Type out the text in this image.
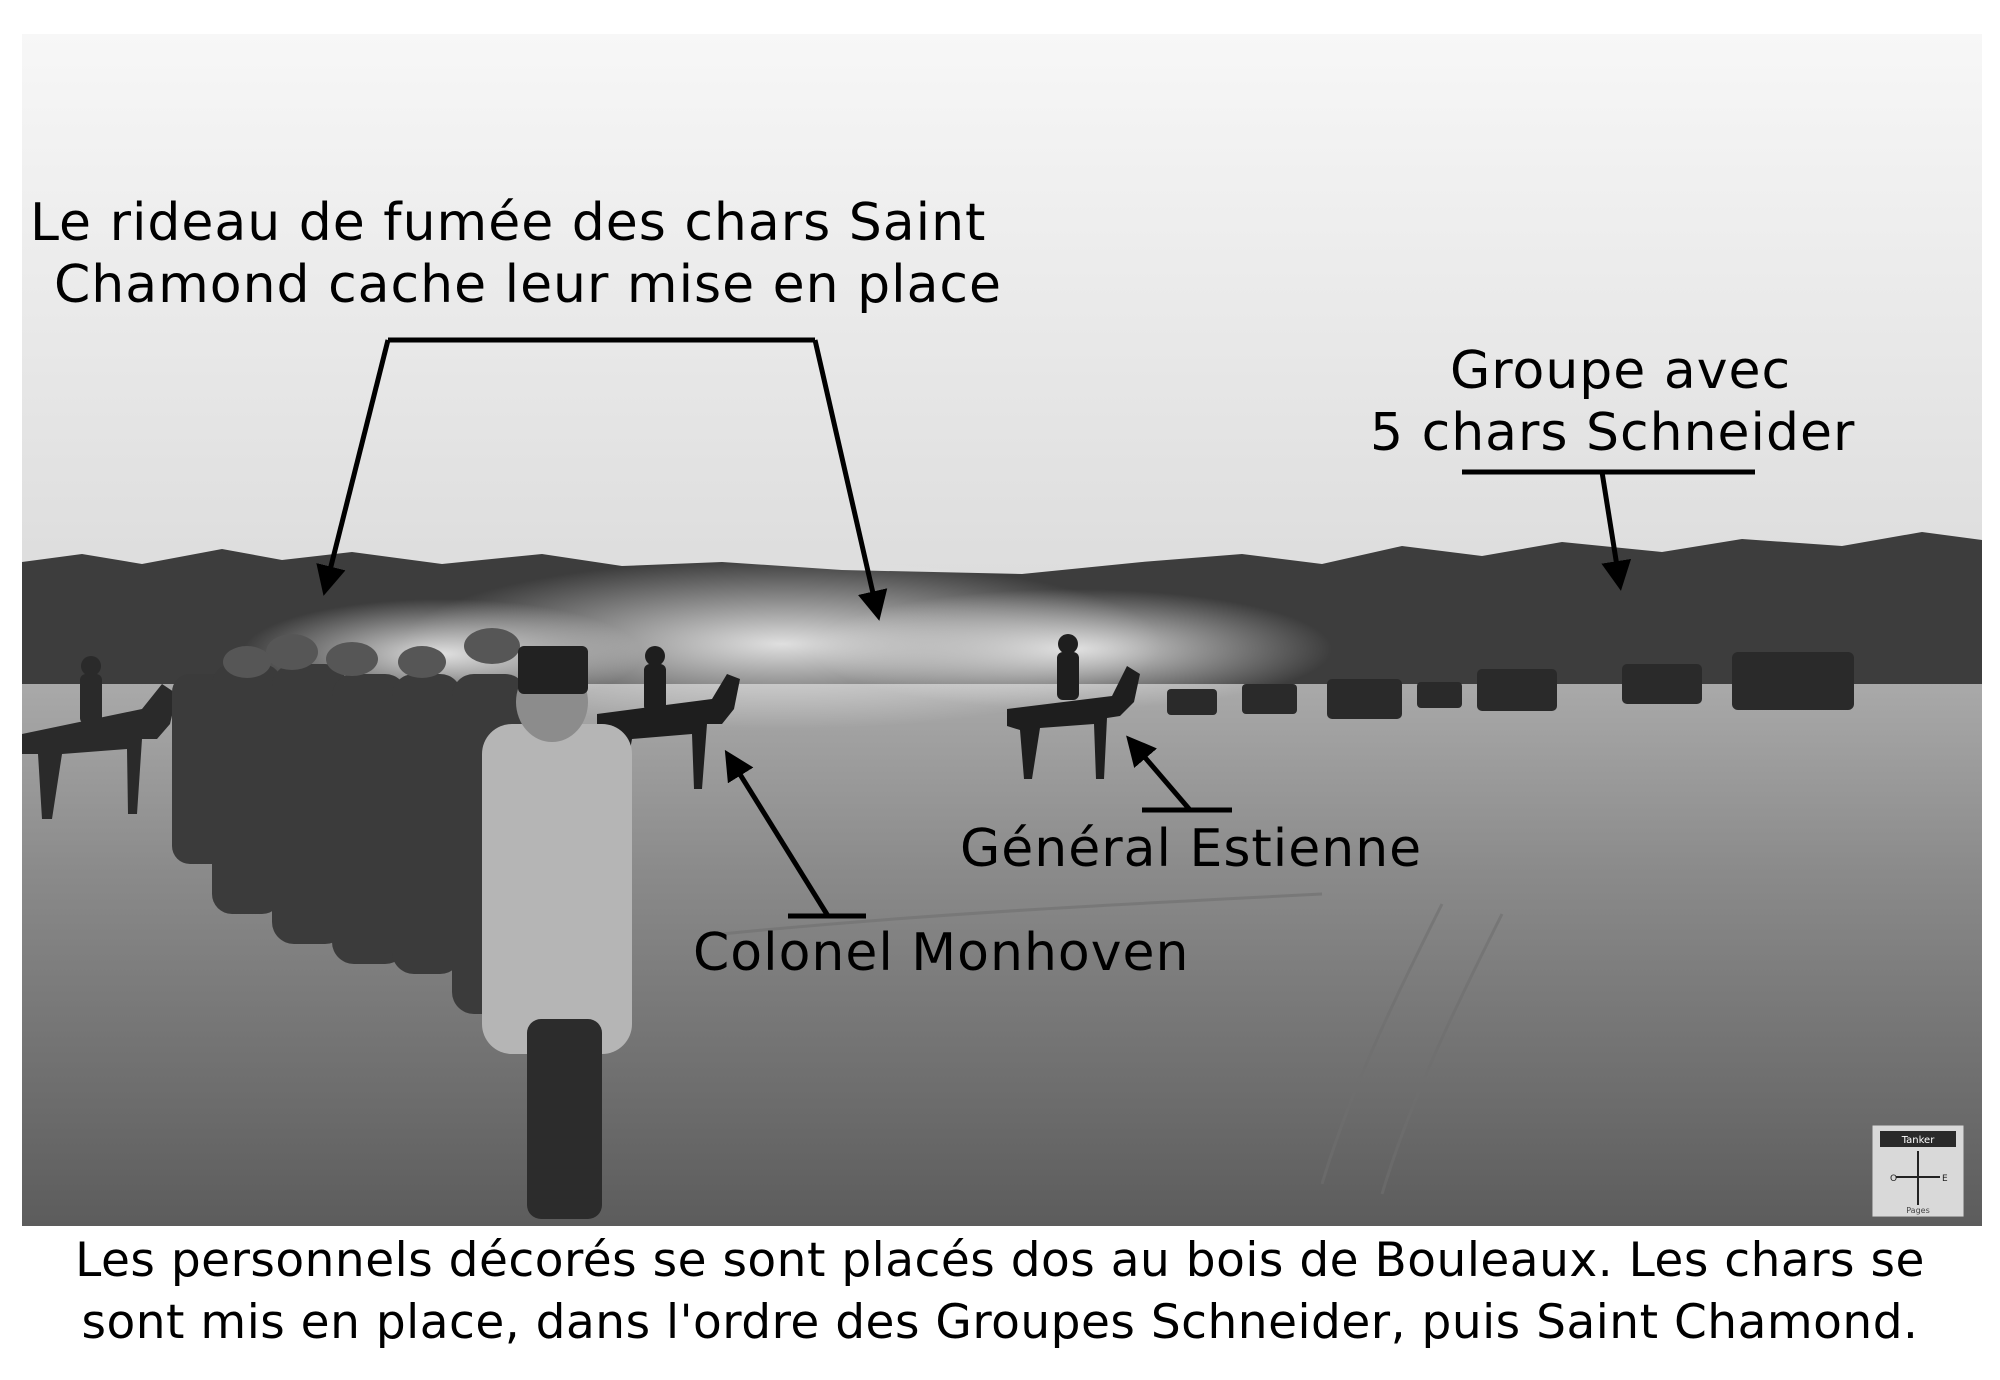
Le rideau de fumée des chars Saint
Chamond cache leur mise en place
Groupe avec
5 chars Schneider
Général Estienne
Colonel Monhoven
Tanker
O	E
Pages
Les personnels décorés se sont placés dos au bois de Bouleaux. Les chars se
sont mis en place, dans l'ordre des Groupes Schneider, puis Saint Chamond.
